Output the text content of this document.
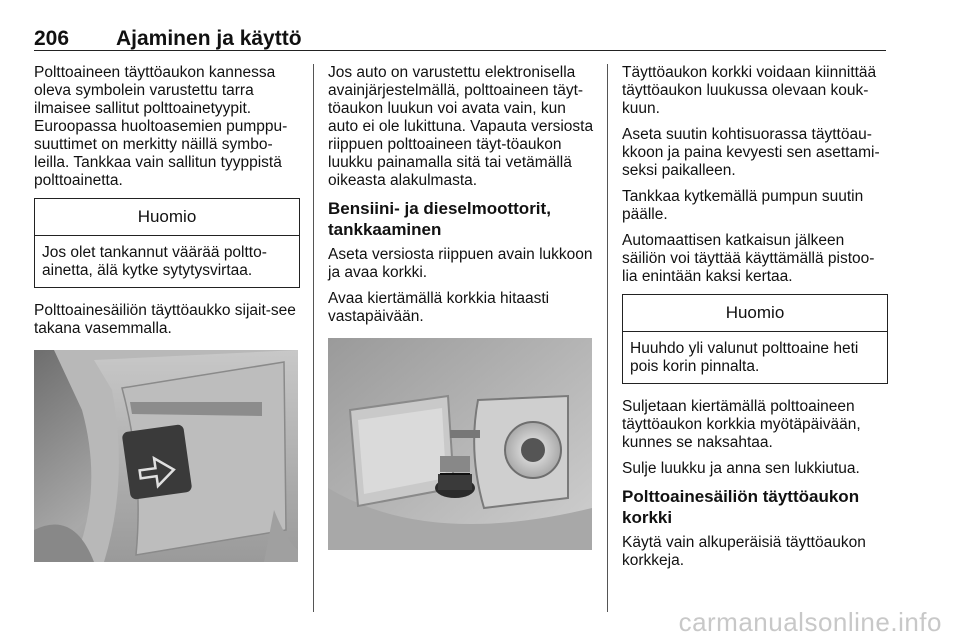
206 Ajaminen ja käyttö

Polttoaineen täyttöaukon kannessa oleva symbolein varustettu tarra ilmaisee sallitut polttoainetyypit. Euroopassa huoltoasemien pumppu-suuttimet on merkitty näillä symbo-leilla. Tankkaa vain sallitun tyyppistä polttoainetta.

Huomio
Jos olet tankannut väärää poltto-ainetta, älä kytke sytytysvirtaa.

Polttoainesäiliön täyttöaukko sijait-see takana vasemmalla.

Jos auto on varustettu elektronisella avainjärjestelmällä, polttoaineen täyt-töaukon luukun voi avata vain, kun auto ei ole lukittuna. Vapauta versiosta riippuen polttoaineen täyt-töaukon luukku painamalla sitä tai vetämällä oikeasta alakulmasta.

Bensiini- ja dieselmoottorit, tankkaaminen

Aseta versiosta riippuen avain lukkoon ja avaa korkki.

Avaa kiertämällä korkkia hitaasti vastapäivään.

Täyttöaukon korkki voidaan kiinnittää täyttöaukon luukussa olevaan kouk-kuun.

Aseta suutin kohtisuorassa täyttöau-kkoon ja paina kevyesti sen asettami-seksi paikalleen.

Tankkaa kytkemällä pumpun suutin päälle.

Automaattisen katkaisun jälkeen säiliön voi täyttää käyttämällä pistoo-lia enintään kaksi kertaa.

Huomio
Huuhdo yli valunut polttoaine heti pois korin pinnalta.

Suljetaan kiertämällä polttoaineen täyttöaukon korkkia myötäpäivään, kunnes se naksahtaa.

Sulje luukku ja anna sen lukkiutua.

Polttoainesäiliön täyttöaukon korkki

Käytä vain alkuperäisiä täyttöaukon korkkeja.

carmanualsonline.info
